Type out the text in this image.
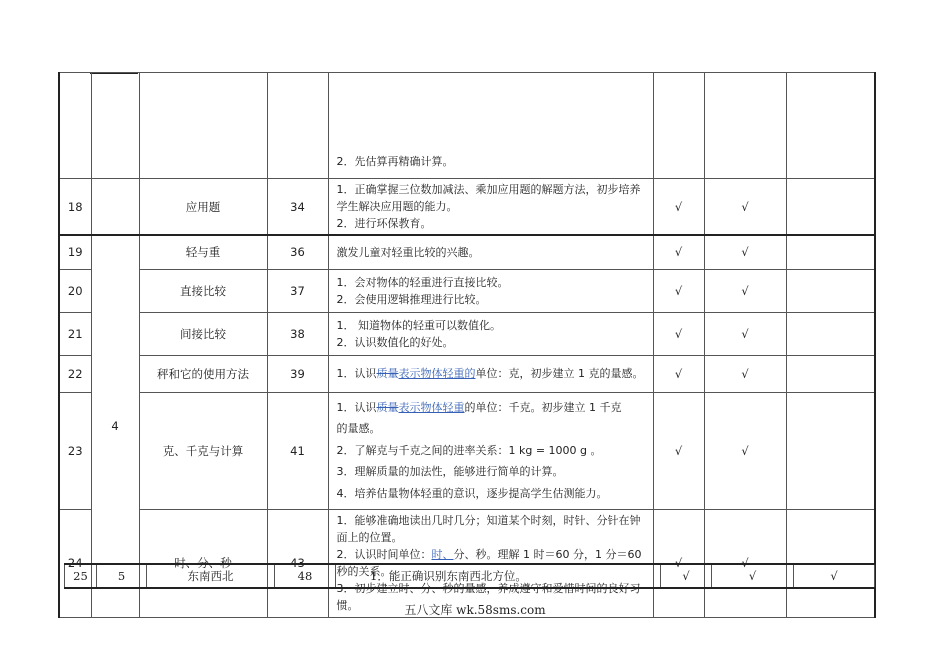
				2．先估算再精确计算。			

18		应用题	34	1．正确掌握三位数加减法、乘加应用题的解题方法，初步培养学生解决应用题的能力。
2．进行环保教育。	√	√	
19	4	轻与重	36	激发儿童对轻重比较的兴趣。	√	√	
20		直接比较	37	1．会对物体的轻重进行直接比较。
2．会使用逻辑推理进行比较。	√	√	
21		间接比较	38	1． 知道物体的轻重可以数值化。
2．认识数值化的好处。	√	√	
22		秤和它的使用方法	39	1．认识质量表示物体轻重的单位：克，初步建立 1 克的量感。	√	√	
23		克、千克与计算	41	1．认识质量表示物体轻重的单位：千克。初步建立 1 千克
的量感。
2．了解克与千克之间的进率关系：1 kg = 1000 g 。
3．理解质量的加法性，能够进行简单的计算。
4．培养估量物体轻重的意识，逐步提高学生估测能力。	√	√	
24		时、分、秒	43	1．能够准确地读出几时几分；知道某个时刻，时针、分针在钟面上的位置。
2．认识时间单位：时、分、秒。理解 1 时＝60 分，1 分＝60 秒的关系。
3．初步建立时、分、秒的量感，养成遵守和爱惜时间的良好习惯。	√	√	
25	5	东南西北	48	1．能正确识别东南西北方位。	√	√	√
五八文库 wk.58sms.com
